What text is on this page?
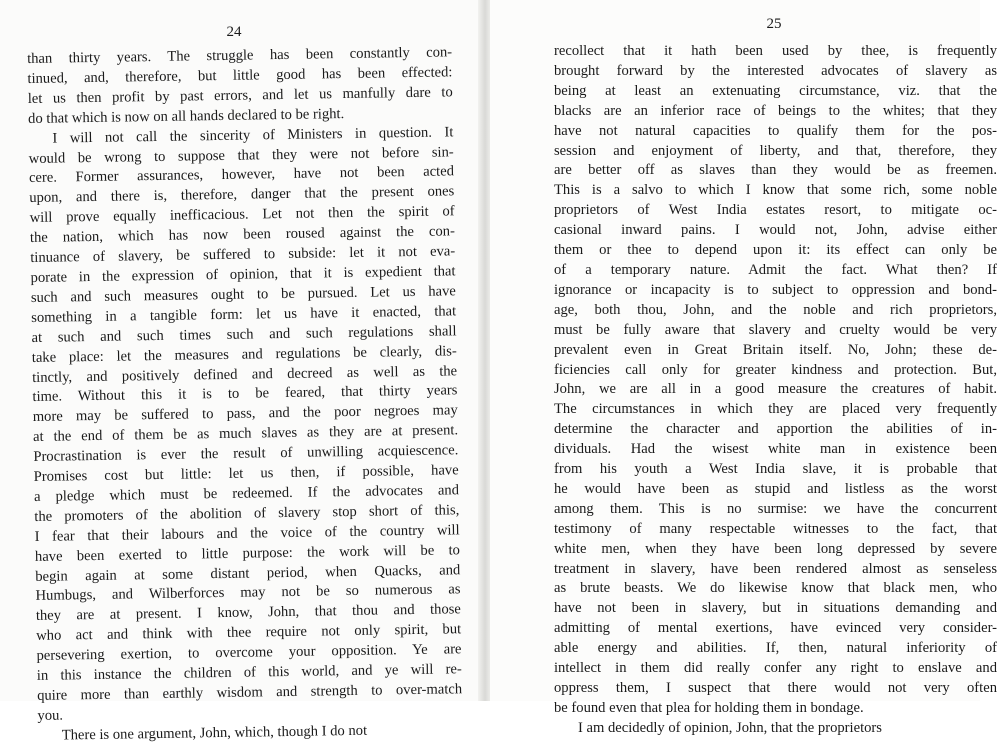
24
than thirty years. The struggle has been constantly con-
tinued, and, therefore, but little good has been effected:
let us then profit by past errors, and let us manfully dare to
do that which is now on all hands declared to be right.
I will not call the sincerity of Ministers in question. It
would be wrong to suppose that they were not before sin-
cere. Former assurances, however, have not been acted
upon, and there is, therefore, danger that the present ones
will prove equally inefficacious. Let not then the spirit of
the nation, which has now been roused against the con-
tinuance of slavery, be suffered to subside: let it not eva-
porate in the expression of opinion, that it is expedient that
such and such measures ought to be pursued. Let us have
something in a tangible form: let us have it enacted, that
at such and such times such and such regulations shall
take place: let the measures and regulations be clearly, dis-
tinctly, and positively defined and decreed as well as the
time. Without this it is to be feared, that thirty years
more may be suffered to pass, and the poor negroes may
at the end of them be as much slaves as they are at present.
Procrastination is ever the result of unwilling acquiescence.
Promises cost but little: let us then, if possible, have
a pledge which must be redeemed. If the advocates and
the promoters of the abolition of slavery stop short of this,
I fear that their labours and the voice of the country will
have been exerted to little purpose: the work will be to
begin again at some distant period, when Quacks, and
Humbugs, and Wilberforces may not be so numerous as
they are at present. I know, John, that thou and those
who act and think with thee require not only spirit, but
persevering exertion, to overcome your opposition. Ye are
in this instance the children of this world, and ye will re-
quire more than earthly wisdom and strength to over-match
you.
There is one argument, John, which, though I do not
25
recollect that it hath been used by thee, is frequently
brought forward by the interested advocates of slavery as
being at least an extenuating circumstance, viz. that the
blacks are an inferior race of beings to the whites; that they
have not natural capacities to qualify them for the pos-
session and enjoyment of liberty, and that, therefore, they
are better off as slaves than they would be as freemen.
This is a salvo to which I know that some rich, some noble
proprietors of West India estates resort, to mitigate oc-
casional inward pains. I would not, John, advise either
them or thee to depend upon it: its effect can only be
of a temporary nature. Admit the fact. What then? If
ignorance or incapacity is to subject to oppression and bond-
age, both thou, John, and the noble and rich proprietors,
must be fully aware that slavery and cruelty would be very
prevalent even in Great Britain itself. No, John; these de-
ficiencies call only for greater kindness and protection. But,
John, we are all in a good measure the creatures of habit.
The circumstances in which they are placed very frequently
determine the character and apportion the abilities of in-
dividuals. Had the wisest white man in existence been
from his youth a West India slave, it is probable that
he would have been as stupid and listless as the worst
among them. This is no surmise: we have the concurrent
testimony of many respectable witnesses to the fact, that
white men, when they have been long depressed by severe
treatment in slavery, have been rendered almost as senseless
as brute beasts. We do likewise know that black men, who
have not been in slavery, but in situations demanding and
admitting of mental exertions, have evinced very consider-
able energy and abilities. If, then, natural inferiority of
intellect in them did really confer any right to enslave and
oppress them, I suspect that there would not very often
be found even that plea for holding them in bondage.
I am decidedly of opinion, John, that the proprietors
